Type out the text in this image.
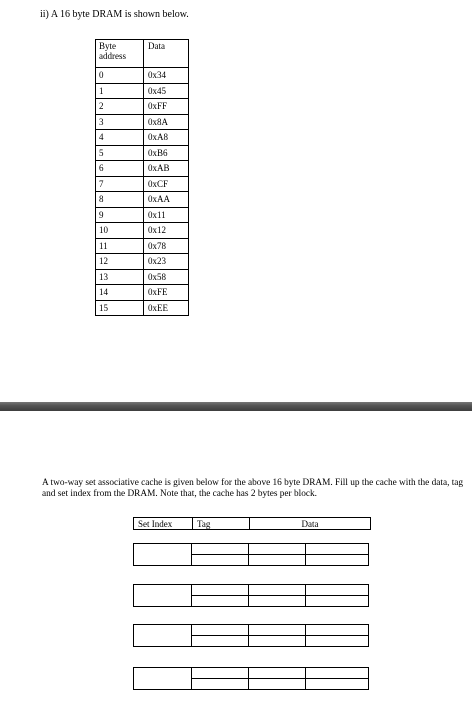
ii) A 16 byte DRAM is shown below.
Byte address	Data
0	0x34
1	0x45
2	0xFF
3	0x8A
4	0xA8
5	0xB6
6	0xAB
7	0xCF
8	0xAA
9	0x11
10	0x12
11	0x78
12	0x23
13	0x58
14	0xFE
15	0xEE
A two-way set associative cache is given below for the above 16 byte DRAM. Fill up the cache with the data, tag and set index from the DRAM. Note that, the cache has 2 bytes per block.
Set Index	Tag	Data
